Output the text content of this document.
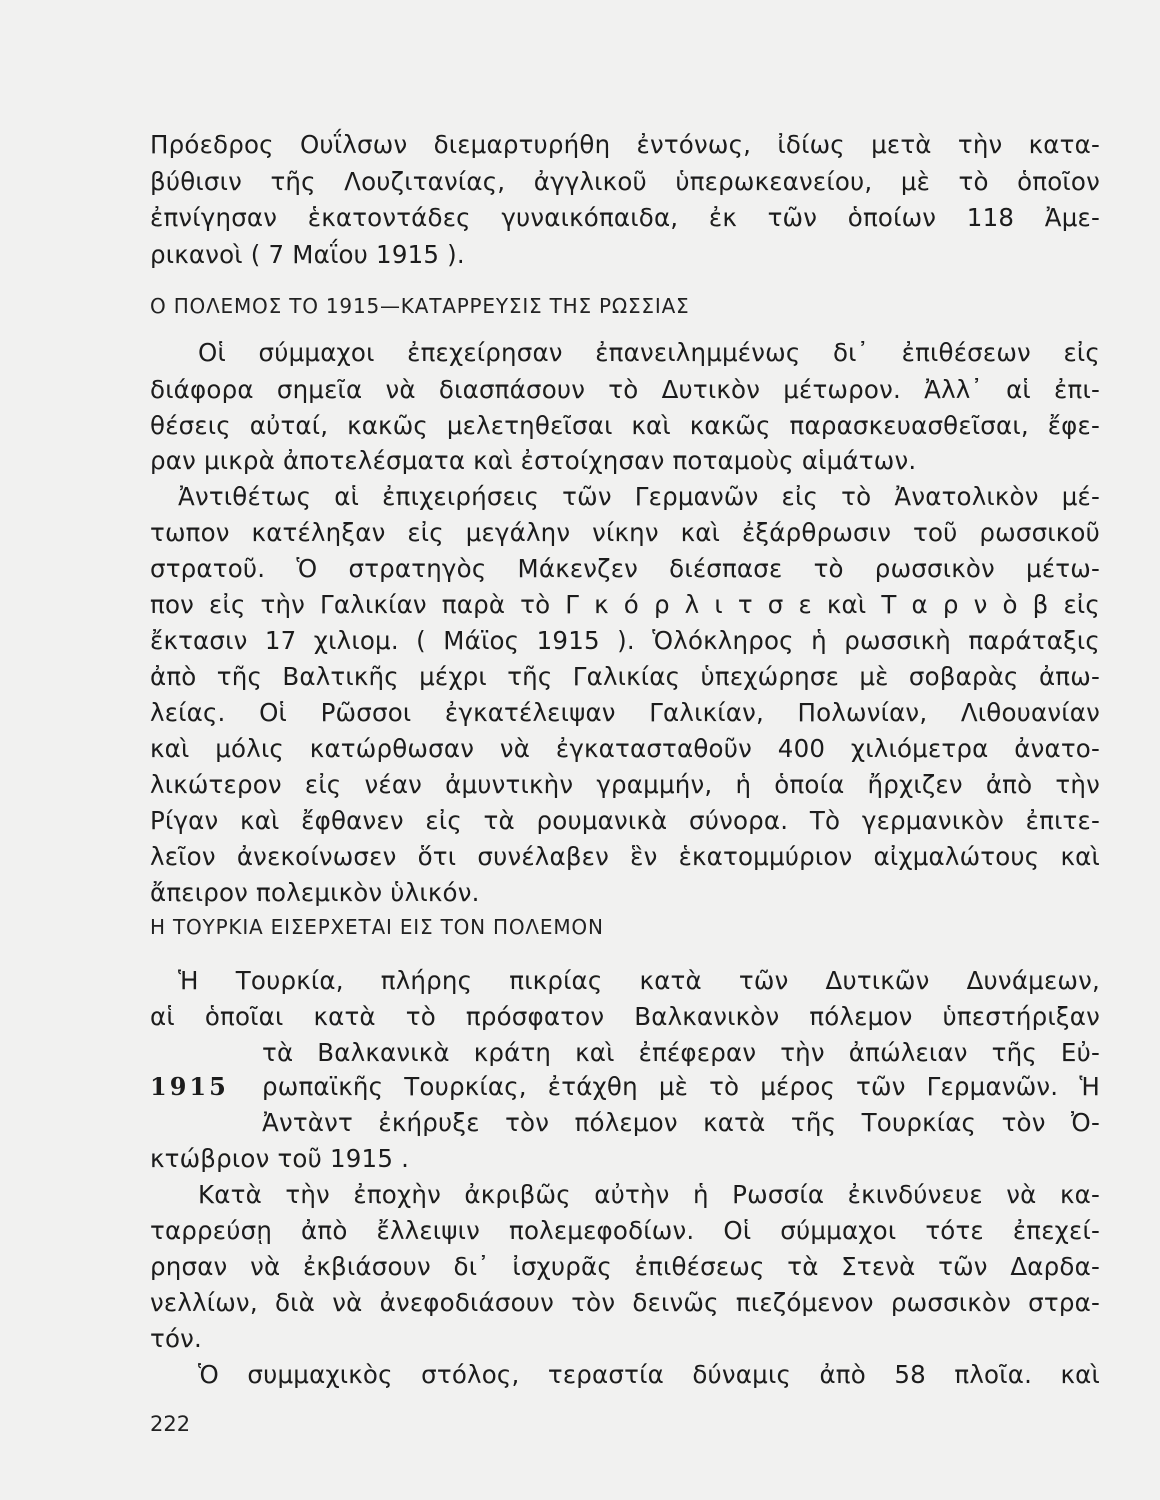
Πρόεδρος Ουΐλσων διεμαρτυρήθη ἐντόνως, ἰδίως μετὰ τὴν κατα-
βύθισιν τῆς Λουζιτανίας, ἀγγλικοῦ ὑπερωκεανείου, μὲ τὸ ὁποῖον
ἐπνίγησαν ἑκατοντάδες γυναικόπαιδα, ἐκ τῶν ὁποίων 118 Ἀμε-
ρικανοὶ ( 7 Μαΐου 1915 ).
Ο ΠΟΛΕΜΟΣ ΤΟ 1915—ΚΑΤΑΡΡΕΥΣΙΣ ΤΗΣ ΡΩΣΣΙΑΣ
Οἱ σύμμαχοι ἐπεχείρησαν ἐπανειλημμένως δι᾽ ἐπιθέσεων εἰς
διάφορα σημεῖα νὰ διασπάσουν τὸ Δυτικὸν μέτωρον. Ἀλλ᾽ αἱ ἐπι-
θέσεις αὐταί, κακῶς μελετηθεῖσαι καὶ κακῶς παρασκευασθεῖσαι, ἔφε-
ραν μικρὰ ἀποτελέσματα καὶ ἐστοίχησαν ποταμοὺς αἱμάτων.
Ἀντιθέτως αἱ ἐπιχειρήσεις τῶν Γερμανῶν εἰς τὸ Ἀνατολικὸν μέ-
τωπον κατέληξαν εἰς μεγάλην νίκην καὶ ἐξάρθρωσιν τοῦ ρωσσικοῦ
στρατοῦ. Ὁ στρατηγὸς Μάκενζεν διέσπασε τὸ ρωσσικὸν μέτω-
πον εἰς τὴν Γαλικίαν παρὰ τὸ Γ κ ό ρ λ ι τ σ ε καὶ Τ α ρ ν ὸ β εἰς
ἔκτασιν 17 χιλιομ. ( Μάϊος 1915 ). Ὁλόκληρος ἡ ρωσσικὴ παράταξις
ἀπὸ τῆς Βαλτικῆς μέχρι τῆς Γαλικίας ὑπεχώρησε μὲ σοβαρὰς ἀπω-
λείας. Οἱ Ρῶσσοι ἐγκατέλειψαν Γαλικίαν, Πολωνίαν, Λιθουανίαν
καὶ μόλις κατώρθωσαν νὰ ἐγκατασταθοῦν 400 χιλιόμετρα ἀνατο-
λικώτερον εἰς νέαν ἀμυντικὴν γραμμήν, ἡ ὁποία ἤρχιζεν ἀπὸ τὴν
Ρίγαν καὶ ἔφθανεν εἰς τὰ ρουμανικὰ σύνορα. Τὸ γερμανικὸν ἐπιτε-
λεῖον ἀνεκοίνωσεν ὅτι συνέλαβεν ἓν ἑκατομμύριον αἰχμαλώτους καὶ
ἄπειρον πολεμικὸν ὑλικόν.
Η ΤΟΥΡΚΙΑ ΕΙΣΕΡΧΕΤΑΙ ΕΙΣ ΤΟΝ ΠΟΛΕΜΟΝ
Ἡ Τουρκία, πλήρης πικρίας κατὰ τῶν Δυτικῶν Δυνάμεων,
αἱ ὁποῖαι κατὰ τὸ πρόσφατον Βαλκανικὸν πόλεμον ὑπεστήριξαν
τὰ Βαλκανικὰ κράτη καὶ ἐπέφεραν τὴν ἀπώλειαν τῆς Εὐ-
1915 ρωπαϊκῆς Τουρκίας, ἐτάχθη μὲ τὸ μέρος τῶν Γερμανῶν. Ἡ
Ἀντὰντ ἐκήρυξε τὸν πόλεμον κατὰ τῆς Τουρκίας τὸν Ὀ-
κτώβριον τοῦ 1915 .
Κατὰ τὴν ἐποχὴν ἀκριβῶς αὐτὴν ἡ Ρωσσία ἐκινδύνευε νὰ κα-
ταρρεύσῃ ἀπὸ ἔλλειψιν πολεμεφοδίων. Οἱ σύμμαχοι τότε ἐπεχεί-
ρησαν νὰ ἐκβιάσουν δι᾽ ἰσχυρᾶς ἐπιθέσεως τὰ Στενὰ τῶν Δαρδα-
νελλίων, διὰ νὰ ἀνεφοδιάσουν τὸν δεινῶς πιεζόμενον ρωσσικὸν στρα-
τόν.
Ὁ συμμαχικὸς στόλος, τεραστία δύναμις ἀπὸ 58 πλοῖα. καὶ
222
